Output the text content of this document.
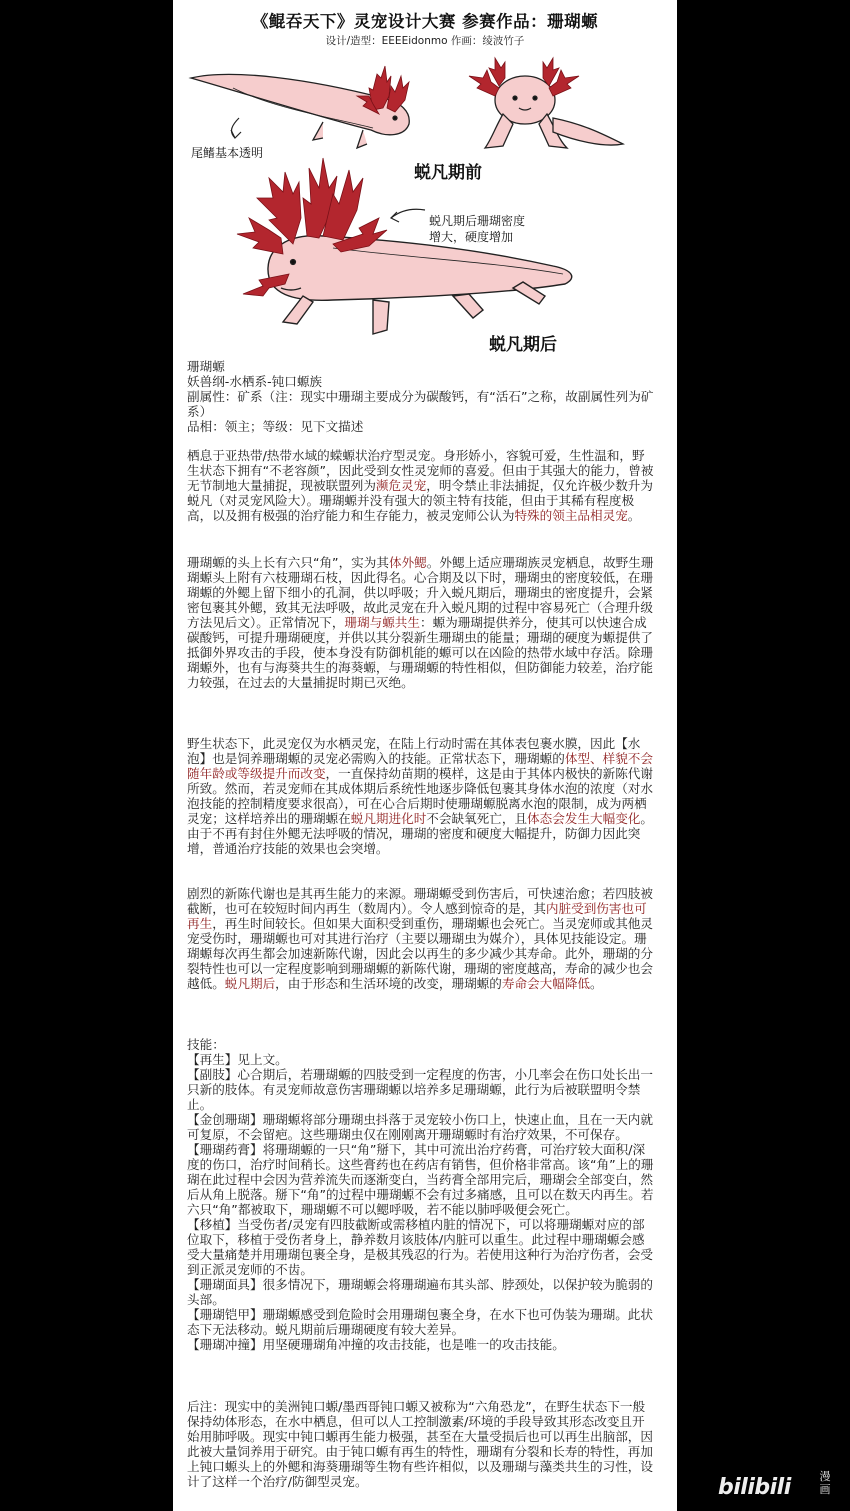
《鲲吞天下》灵宠设计大赛 参赛作品：珊瑚螈
设计/造型：EEEEidonmo 作画：绫波竹子
尾鳍基本透明
蜕凡期前
蜕凡期后珊瑚密度
增大，硬度增加
蜕凡期后

珊瑚螈

妖兽纲-水栖系-钝口螈族

副属性：矿系（注：现实中珊瑚主要成分为碳酸钙，有“活石”之称，故副属性列为矿系）

品相：领主；等级：见下文描述

栖息于亚热带/热带水域的蝾螈状治疗型灵宠。身形娇小，容貌可爱，生性温和，野生状态下拥有“不老容颜”，因此受到女性灵宠师的喜爱。但由于其强大的能力，曾被无节制地大量捕捉，现被联盟列为濒危灵宠，明令禁止非法捕捉，仅允许极少数升为蜕凡（对灵宠风险大）。珊瑚螈并没有强大的领主特有技能，但由于其稀有程度极高，以及拥有极强的治疗能力和生存能力，被灵宠师公认为特殊的领主品相灵宠。
珊瑚螈的头上长有六只“角”，实为其体外鳃。外鳃上适应珊瑚族灵宠栖息，故野生珊瑚螈头上附有六枝珊瑚石枝，因此得名。心合期及以下时，珊瑚虫的密度较低，在珊瑚螈的外鳃上留下细小的孔洞，供以呼吸；升入蜕凡期后，珊瑚虫的密度提升，会紧密包裹其外鳃，致其无法呼吸，故此灵宠在升入蜕凡期的过程中容易死亡（合理升级方法见后文）。正常情况下，珊瑚与螈共生：螈为珊瑚提供养分，使其可以快速合成碳酸钙，可提升珊瑚硬度，并供以其分裂新生珊瑚虫的能量；珊瑚的硬度为螈提供了抵御外界攻击的手段，使本身没有防御机能的螈可以在凶险的热带水域中存活。除珊瑚螈外，也有与海葵共生的海葵螈，与珊瑚螈的特性相似，但防御能力较差，治疗能力较强，在过去的大量捕捉时期已灭绝。
野生状态下，此灵宠仅为水栖灵宠，在陆上行动时需在其体表包裹水膜，因此【水泡】也是饲养珊瑚螈的灵宠必需购入的技能。正常状态下，珊瑚螈的体型、样貌不会随年龄或等级提升而改变，一直保持幼苗期的模样，这是由于其体内极快的新陈代谢所致。然而，若灵宠师在其成体期后系统性地逐步降低包裹其身体水泡的浓度（对水泡技能的控制精度要求很高），可在心合后期时使珊瑚螈脱离水泡的限制，成为两栖灵宠；这样培养出的珊瑚螈在蜕凡期进化时不会缺氧死亡，且体态会发生大幅变化。由于不再有封住外鳃无法呼吸的情况，珊瑚的密度和硬度大幅提升，防御力因此突增，普通治疗技能的效果也会突增。
剧烈的新陈代谢也是其再生能力的来源。珊瑚螈受到伤害后，可快速治愈；若四肢被截断，也可在较短时间内再生（数周内）。令人感到惊奇的是，其内脏受到伤害也可再生，再生时间较长。但如果大面积受到重伤，珊瑚螈也会死亡。当灵宠师或其他灵宠受伤时，珊瑚螈也可对其进行治疗（主要以珊瑚虫为媒介），具体见技能设定。珊瑚螈每次再生都会加速新陈代谢，因此会以再生的多少减少其寿命。此外，珊瑚的分裂特性也可以一定程度影响到珊瑚螈的新陈代谢，珊瑚的密度越高，寿命的减少也会越低。蜕凡期后，由于形态和生活环境的改变，珊瑚螈的寿命会大幅降低。

技能：

【再生】见上文。

【副肢】心合期后，若珊瑚螈的四肢受到一定程度的伤害，小几率会在伤口处长出一只新的肢体。有灵宠师故意伤害珊瑚螈以培养多足珊瑚螈，此行为后被联盟明令禁止。

【金创珊瑚】珊瑚螈将部分珊瑚虫抖落于灵宠较小伤口上，快速止血，且在一天内就可复原，不会留疤。这些珊瑚虫仅在刚刚离开珊瑚螈时有治疗效果，不可保存。

【珊瑚药膏】将珊瑚螈的一只“角”掰下，其中可流出治疗药膏，可治疗较大面积/深度的伤口，治疗时间稍长。这些膏药也在药店有销售，但价格非常高。该“角”上的珊瑚在此过程中会因为营养流失而逐渐变白，当药膏全部用完后，珊瑚会全部变白，然后从角上脱落。掰下“角”的过程中珊瑚螈不会有过多痛感，且可以在数天内再生。若六只“角”都被取下，珊瑚螈不可以鳃呼吸，若不能以肺呼吸便会死亡。

【移植】当受伤者/灵宠有四肢截断或需移植内脏的情况下，可以将珊瑚螈对应的部位取下，移植于受伤者身上，静养数月该肢体/内脏可以重生。此过程中珊瑚螈会感受大量痛楚并用珊瑚包裹全身，是极其残忍的行为。若使用这种行为治疗伤者，会受到正派灵宠师的不齿。

【珊瑚面具】很多情况下，珊瑚螈会将珊瑚遍布其头部、脖颈处，以保护较为脆弱的头部。

【珊瑚铠甲】珊瑚螈感受到危险时会用珊瑚包裹全身，在水下也可伪装为珊瑚。此状态下无法移动。蜕凡期前后珊瑚硬度有较大差异。

【珊瑚冲撞】用坚硬珊瑚角冲撞的攻击技能，也是唯一的攻击技能。

后注：现实中的美洲钝口螈/墨西哥钝口螈又被称为“六角恐龙”，在野生状态下一般保持幼体形态，在水中栖息，但可以人工控制激素/环境的手段导致其形态改变且开始用肺呼吸。现实中钝口螈再生能力极强，甚至在大量受损后也可以再生出脑部，因此被大量饲养用于研究。由于钝口螈有再生的特性，珊瑚有分裂和长寿的特性，再加上钝口螈头上的外鳃和海葵珊瑚等生物有些许相似，以及珊瑚与藻类共生的习性，设计了这样一个治疗/防御型灵宠。	bilibili	漫画
